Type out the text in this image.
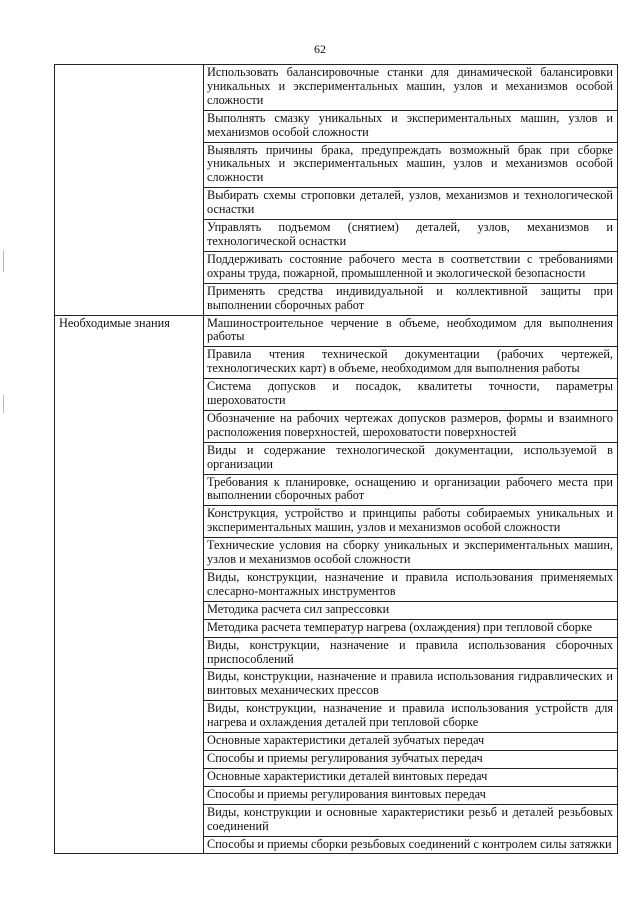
62
	Использовать балансировочные станки для динамической балансировки уникальных и экспериментальных машин, узлов и механизмов особой сложности
	Выполнять смазку уникальных и экспериментальных машин, узлов и механизмов особой сложности
	Выявлять причины брака, предупреждать возможный брак при сборке уникальных и экспериментальных машин, узлов и механизмов особой сложности
	Выбирать схемы строповки деталей, узлов, механизмов и технологической оснастки
	Управлять подъемом (снятием) деталей, узлов, механизмов и технологической оснастки
	Поддерживать состояние рабочего места в соответствии с требованиями охраны труда, пожарной, промышленной и экологической безопасности
	Применять средства индивидуальной и коллективной защиты при выполнении сборочных работ
Необходимые знания	Машиностроительное черчение в объеме, необходимом для выполнения работы
	Правила чтения технической документации (рабочих чертежей, технологических карт) в объеме, необходимом для выполнения работы
	Система допусков и посадок, квалитеты точности, параметры шероховатости
	Обозначение на рабочих чертежах допусков размеров, формы и взаимного расположения поверхностей, шероховатости поверхностей
	Виды и содержание технологической документации, используемой в организации
	Требования к планировке, оснащению и организации рабочего места при выполнении сборочных работ
	Конструкция, устройство и принципы работы собираемых уникальных и экспериментальных машин, узлов и механизмов особой сложности
	Технические условия на сборку уникальных и экспериментальных машин, узлов и механизмов особой сложности
	Виды, конструкции, назначение и правила использования применяемых слесарно-монтажных инструментов
	Методика расчета сил запрессовки
	Методика расчета температур нагрева (охлаждения) при тепловой сборке
	Виды, конструкции, назначение и правила использования сборочных приспособлений
	Виды, конструкции, назначение и правила использования гидравлических и винтовых механических прессов
	Виды, конструкции, назначение и правила использования устройств для нагрева и охлаждения деталей при тепловой сборке
	Основные характеристики деталей зубчатых передач
	Способы и приемы регулирования зубчатых передач
	Основные характеристики деталей винтовых передач
	Способы и приемы регулирования винтовых передач
	Виды, конструкции и основные характеристики резьб и деталей резьбовых соединений
	Способы и приемы сборки резьбовых соединений с контролем силы затяжки
